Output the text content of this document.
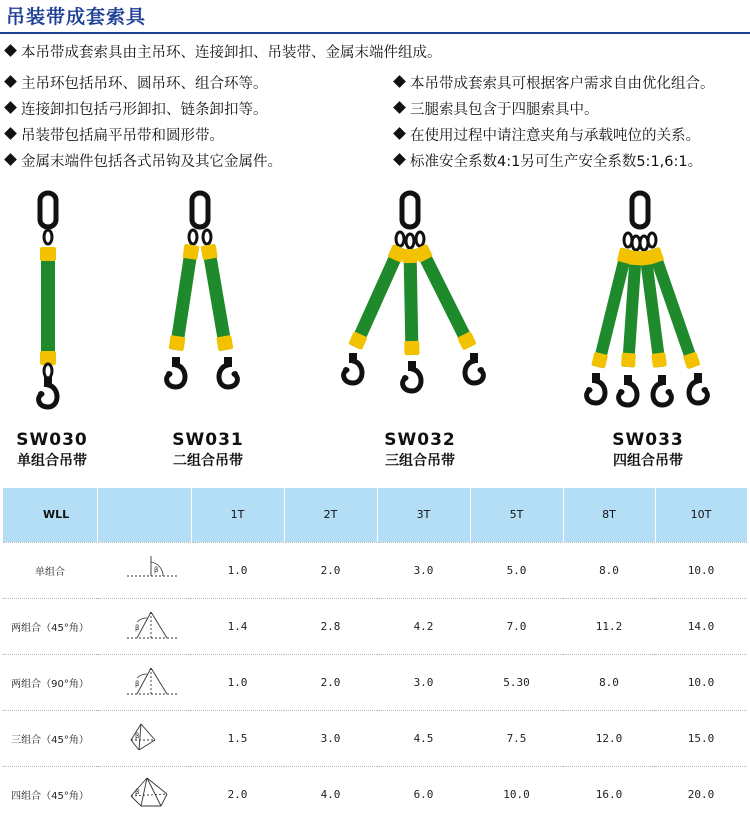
吊装带成套索具
本吊带成套索具由主吊环、连接卸扣、吊装带、金属末端件组成。
主吊环包括吊环、圆吊环、组合环等。
连接卸扣包括弓形卸扣、链条卸扣等。
吊装带包括扁平吊带和圆形带。
金属末端件包括各式吊钩及其它金属件。
本吊带成套索具可根据客户需求自由优化组合。
三腿索具包含于四腿索具中。
在使用过程中请注意夹角与承载吨位的关系。
标准安全系数4:1另可生产安全系数5:1,6:1。
SW030
单组合吊带
SW031
二组合吊带
SW032
三组合吊带
SW033
四组合吊带
WLL		1T	2T	3T	5T	8T	10T
单组合	β	1.0	2.0	3.0	5.0	8.0	10.0
两组合（45°角）	β	1.4	2.8	4.2	7.0	11.2	14.0
两组合（90°角）	β	1.0	2.0	3.0	5.30	8.0	10.0
三组合（45°角）	β	1.5	3.0	4.5	7.5	12.0	15.0
四组合（45°角）	β	2.0	4.0	6.0	10.0	16.0	20.0
